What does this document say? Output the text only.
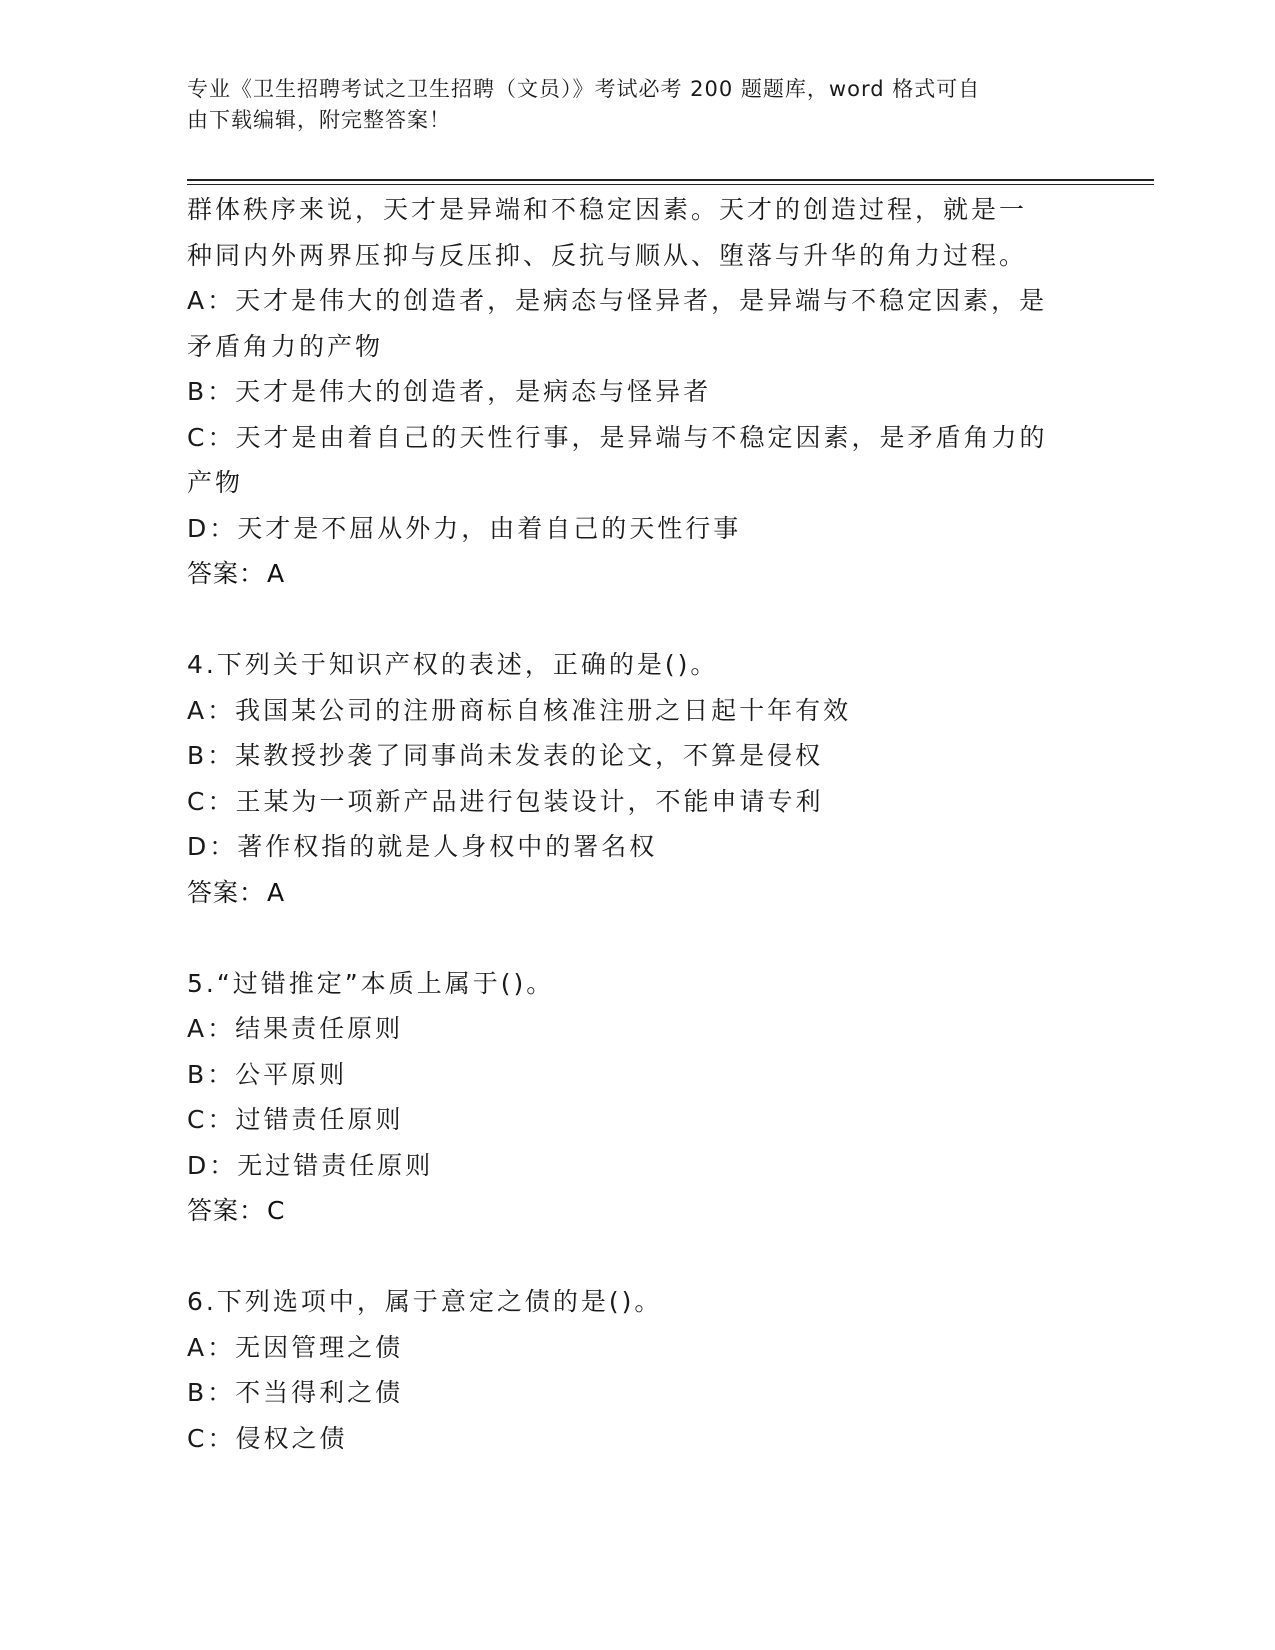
专业《卫生招聘考试之卫生招聘（文员）》考试必考 200 题题库，word 格式可自
由下载编辑，附完整答案！
群体秩序来说，天才是异端和不稳定因素。天才的创造过程，就是一
种同内外两界压抑与反压抑、反抗与顺从、堕落与升华的角力过程。
A：天才是伟大的创造者，是病态与怪异者，是异端与不稳定因素，是
矛盾角力的产物
B：天才是伟大的创造者，是病态与怪异者
C：天才是由着自己的天性行事，是异端与不稳定因素，是矛盾角力的
产物
D：天才是不屈从外力，由着自己的天性行事
答案：A
4.下列关于知识产权的表述，正确的是()。
A：我国某公司的注册商标自核准注册之日起十年有效
B：某教授抄袭了同事尚未发表的论文，不算是侵权
C：王某为一项新产品进行包装设计，不能申请专利
D：著作权指的就是人身权中的署名权
答案：A
5.“过错推定”本质上属于()。
A：结果责任原则
B：公平原则
C：过错责任原则
D：无过错责任原则
答案：C
6.下列选项中，属于意定之债的是()。
A：无因管理之债
B：不当得利之债
C：侵权之债
